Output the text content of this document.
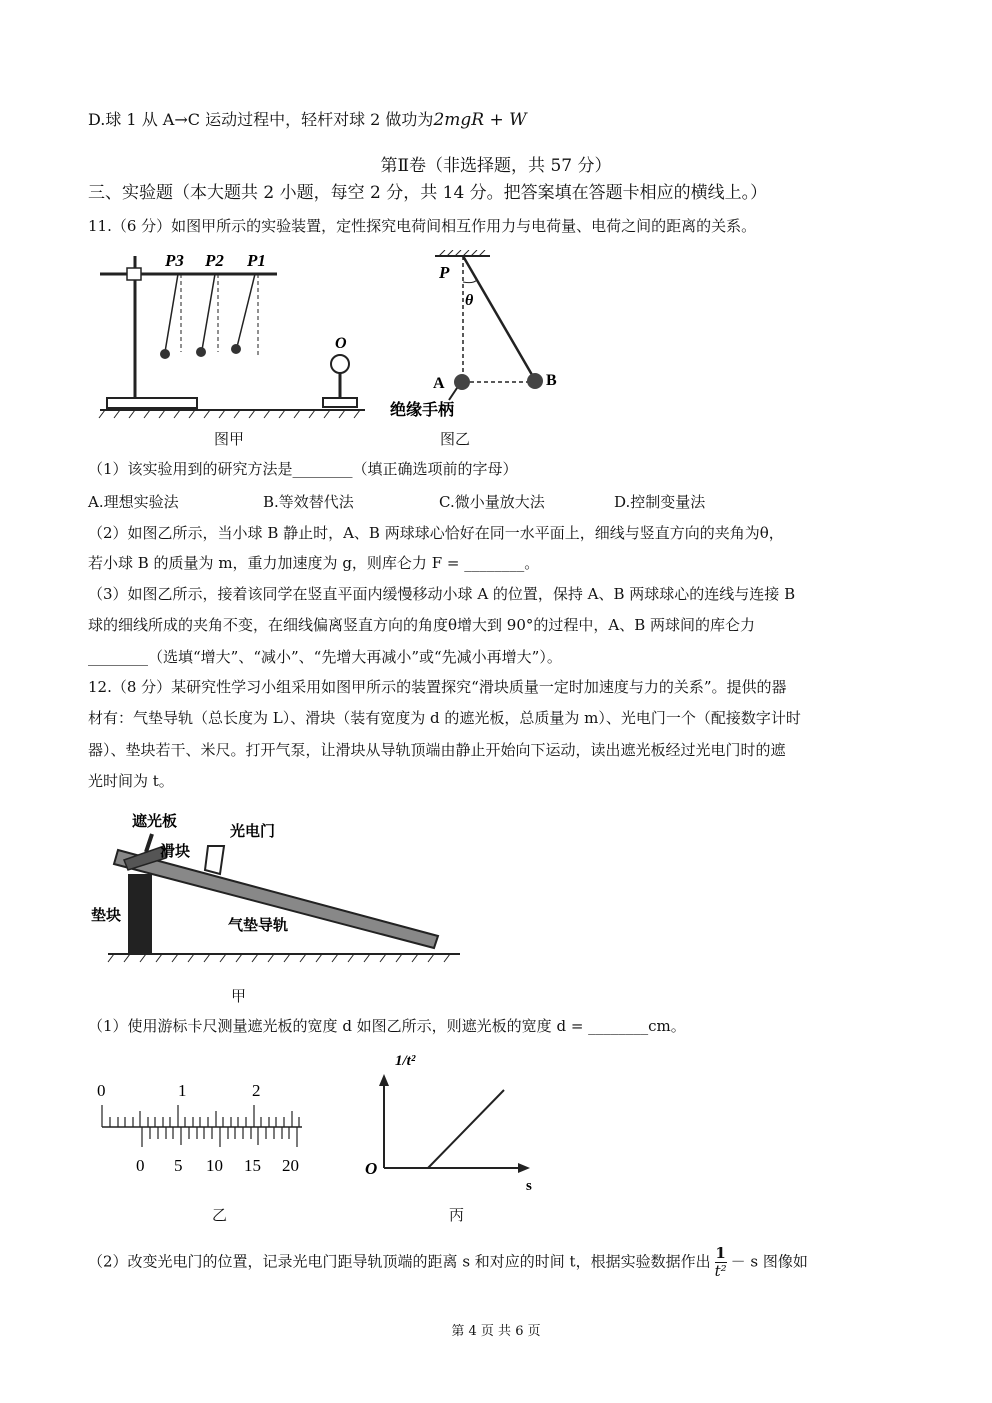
D.球 1 从 A→C 运动过程中，轻杆对球 2 做功为2mgR + W
第Ⅱ卷（非选择题，共 57 分）
三、实验题（本大题共 2 小题，每空 2 分，共 14 分。把答案填在答题卡相应的横线上。）
11.（6 分）如图甲所示的实验装置，定性探究电荷间相互作用力与电荷量、电荷之间的距离的关系。
P3 P2 P1
O
图甲
P
θ
A	B
绝缘手柄
图乙
（1）该实验用到的研究方法是________（填正确选项前的字母）
A.理想实验法	B.等效替代法	C.微小量放大法	D.控制变量法
（2）如图乙所示，当小球 B 静止时，A、B 两球球心恰好在同一水平面上，细线与竖直方向的夹角为θ，
若小球 B 的质量为 m，重力加速度为 g，则库仑力 F = ________。
（3）如图乙所示，接着该同学在竖直平面内缓慢移动小球 A 的位置，保持 A、B 两球球心的连线与连接 B
球的细线所成的夹角不变，在细线偏离竖直方向的角度θ增大到 90°的过程中，A、B 两球间的库仑力
________（选填“增大”、“减小”、“先增大再减小”或“先减小再增大”）。
12.（8 分）某研究性学习小组采用如图甲所示的装置探究“滑块质量一定时加速度与力的关系”。提供的器
材有：气垫导轨（总长度为 L）、滑块（装有宽度为 d 的遮光板，总质量为 m）、光电门一个（配接数字计时
器）、垫块若干、米尺。打开气泵，让滑块从导轨顶端由静止开始向下运动，读出遮光板经过光电门时的遮
光时间为 t。
遮光板
滑块
光电门
垫块
气垫导轨
甲
（1）使用游标卡尺测量遮光板的宽度 d 如图乙所示，则遮光板的宽度 d = ________cm。
0	1	2
0 5 10 15 20
乙
1/t²
O
s
丙
（2）改变光电门的位置，记录光电门距导轨顶端的距离 s 和对应的时间 t，根据实验数据作出 $\frac{1}{\text{t²}} - s$ 图像如
第 4 页 共 6 页
